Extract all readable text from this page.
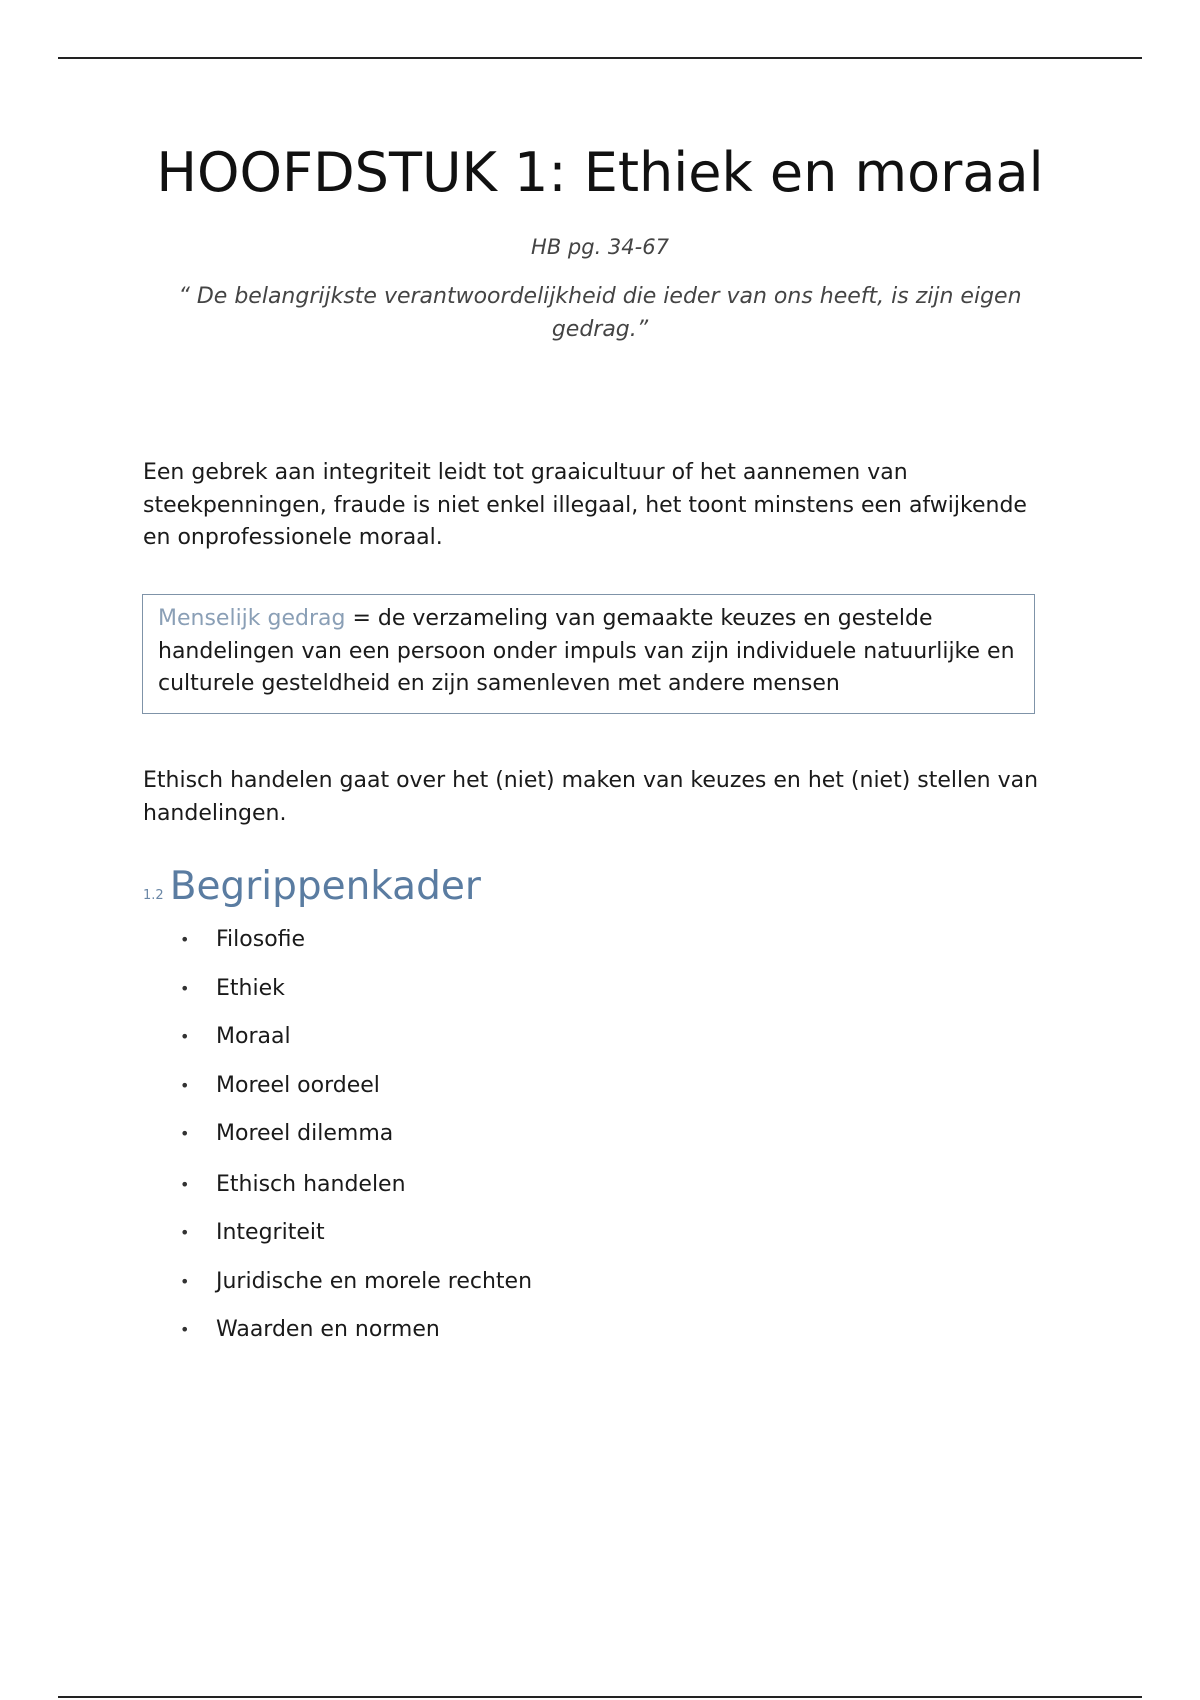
HOOFDSTUK 1: Ethiek en moraal
HB pg. 34-67
“ De belangrijkste verantwoordelijkheid die ieder van ons heeft, is zijn eigen gedrag.”

Een gebrek aan integriteit leidt tot graaicultuur of het aannemen van steekpenningen, fraude is niet enkel illegaal, het toont minstens een afwijkende en onprofessionele moraal.

Menselijk gedrag = de verzameling van gemaakte keuzes en gestelde handelingen van een persoon onder impuls van zijn individuele natuurlijke en culturele gesteldheid en zijn samenleven met andere mensen

Ethisch handelen gaat over het (niet) maken van keuzes en het (niet) stellen van handelingen.

1.2 Begrippenkader
• Filosofie
• Ethiek
• Moraal
• Moreel oordeel
• Moreel dilemma
• Ethisch handelen
• Integriteit
• Juridische en morele rechten
• Waarden en normen
